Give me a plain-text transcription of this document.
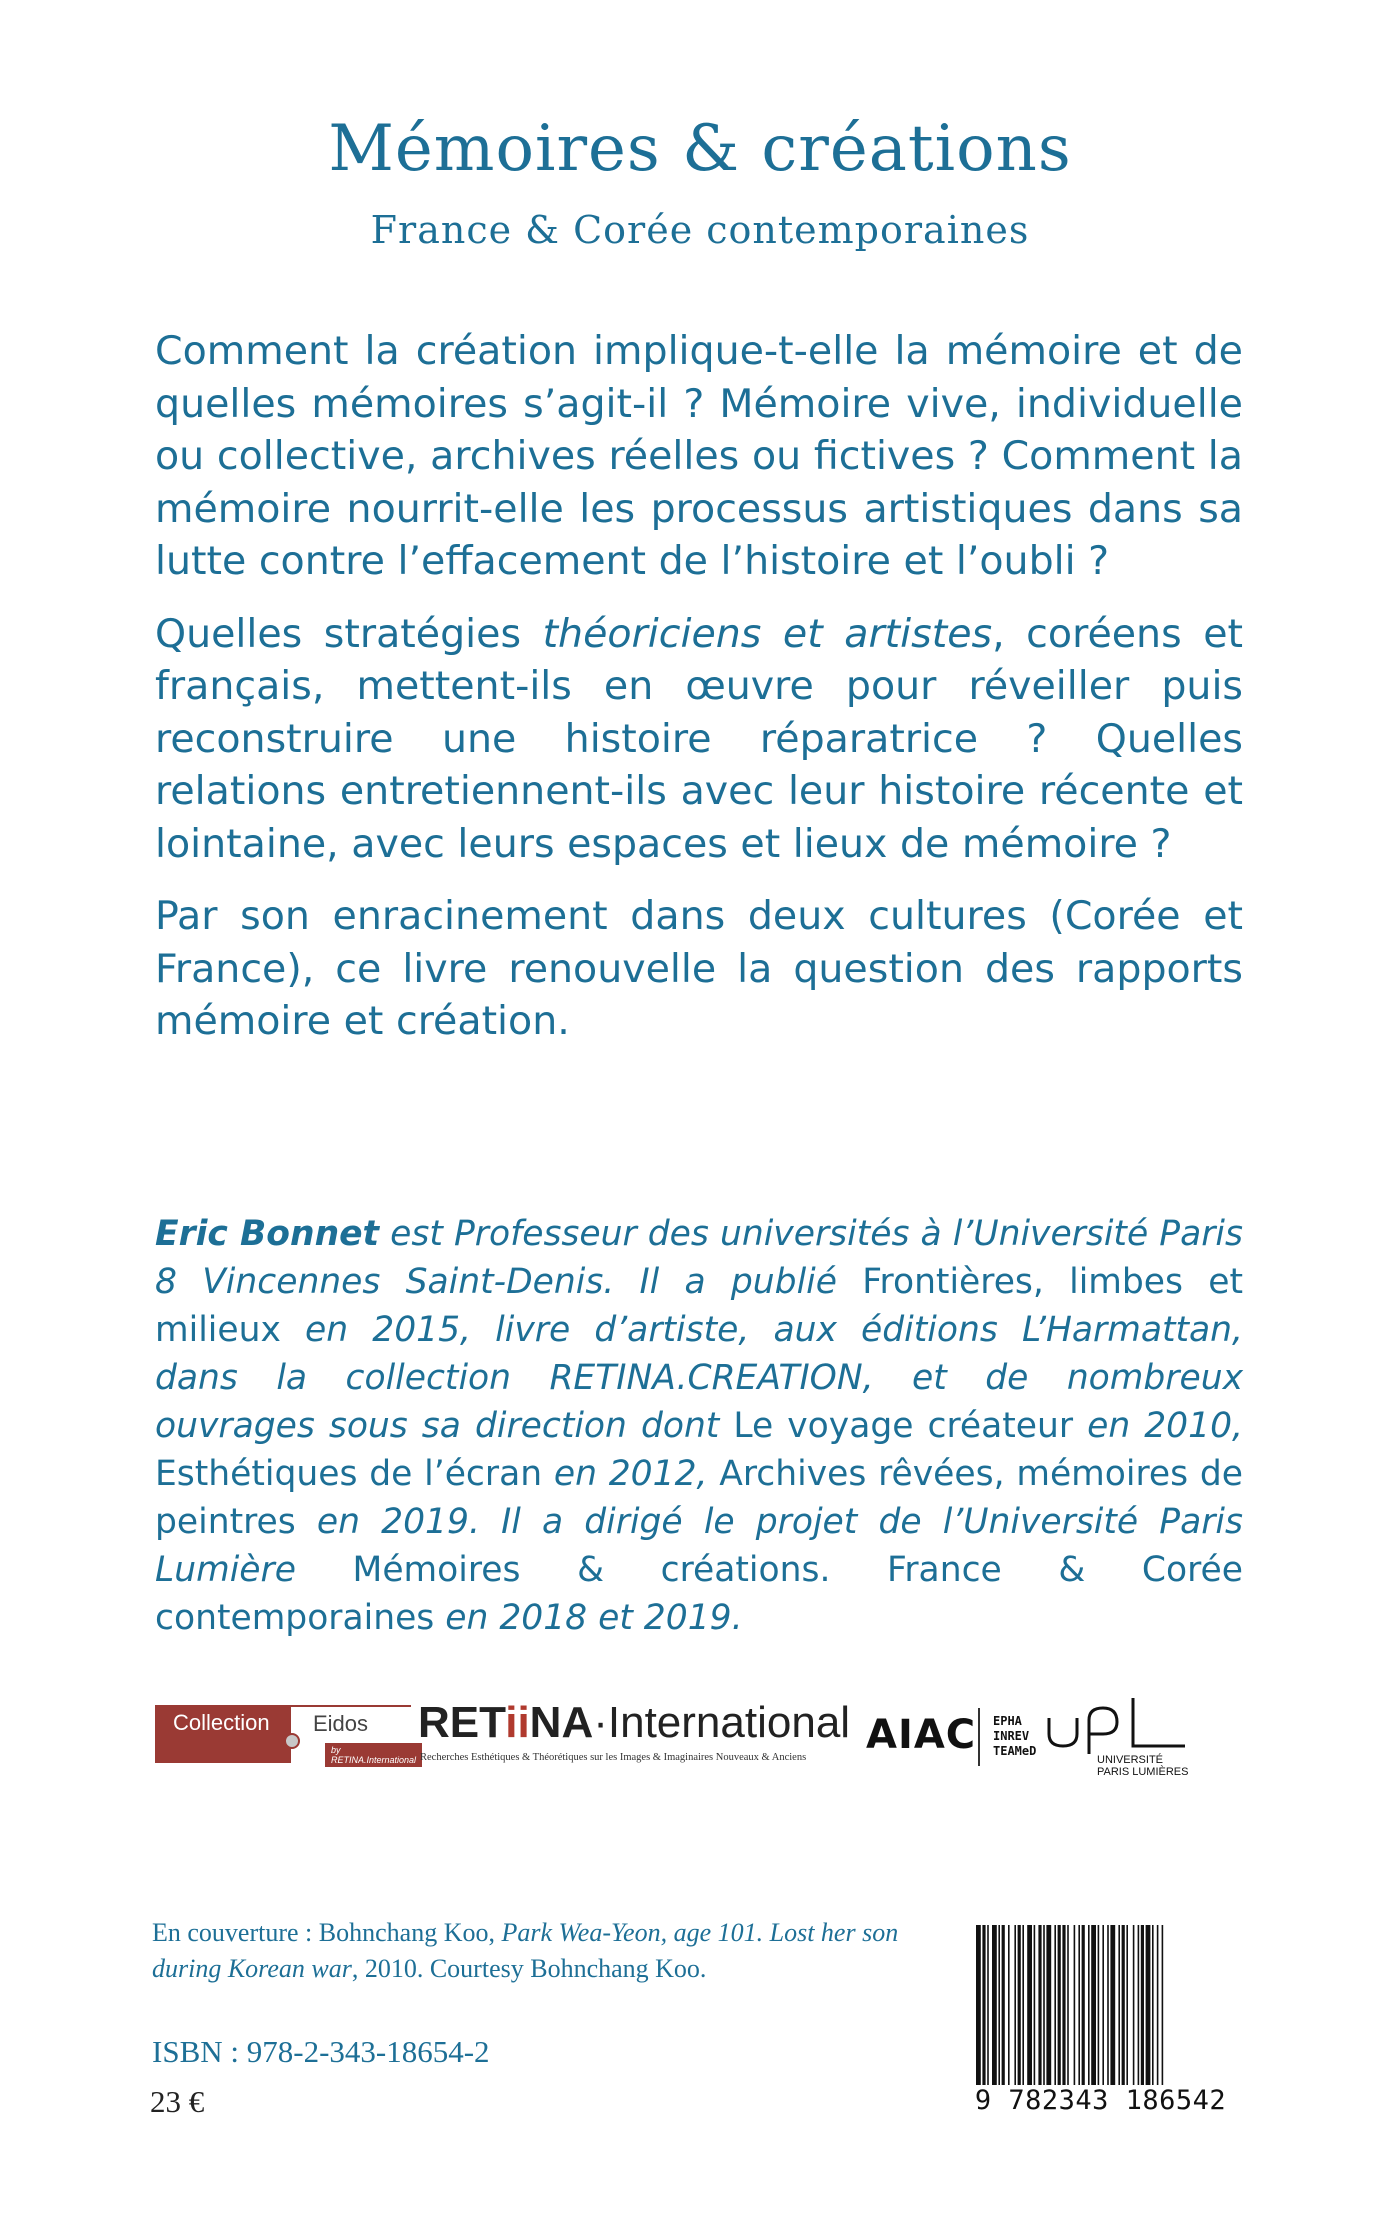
Mémoires & créations
France & Corée contemporaines

Comment la création implique-t-elle la mémoire et de quelles mémoires s’agit-il ? Mémoire vive, individuelle ou collective, archives réelles ou fictives ? Comment la mémoire nourrit-elle les processus artistiques dans sa lutte contre l’effacement de l’histoire et l’oubli ?

Quelles stratégies théoriciens et artistes, coréens et français, mettent-ils en œuvre pour réveiller puis reconstruire une histoire réparatrice ? Quelles relations entretiennent-ils avec leur histoire récente et lointaine, avec leurs espaces et lieux de mémoire ?

Par son enracinement dans deux cultures (Corée et France), ce livre renouvelle la question des rapports mémoire et création.

Eric Bonnet est Professeur des universités à l’Université Paris 8 Vincennes Saint-Denis. Il a publié Frontières, limbes et milieux en 2015, livre d’artiste, aux éditions L’Harmattan, dans la collection RETINA.CREATION, et de nombreux ouvrages sous sa direction dont Le voyage créateur en 2010, Esthétiques de l’écran en 2012, Archives rêvées, mémoires de peintres en 2019. Il a dirigé le projet de l’Université Paris Lumière Mémoires & créations. France & Corée contemporaines en 2018 et 2019.
Collection	Eidos
by RETINA.International
RETiiNA·International
Recherches Esthétiques & Théorétiques sur les Images & Imaginaires Nouveaux & Anciens AIAC EPHA
INREV
TEAMeD
UNIVERSITÉ
PARIS LUMIÈRES
En couverture : Bohnchang Koo, Park Wea-Yeon, age 101. Lost her son during Korean war, 2010. Courtesy Bohnchang Koo.
ISBN : 978-2-343-18654-2
23 €	9 782343 186542
